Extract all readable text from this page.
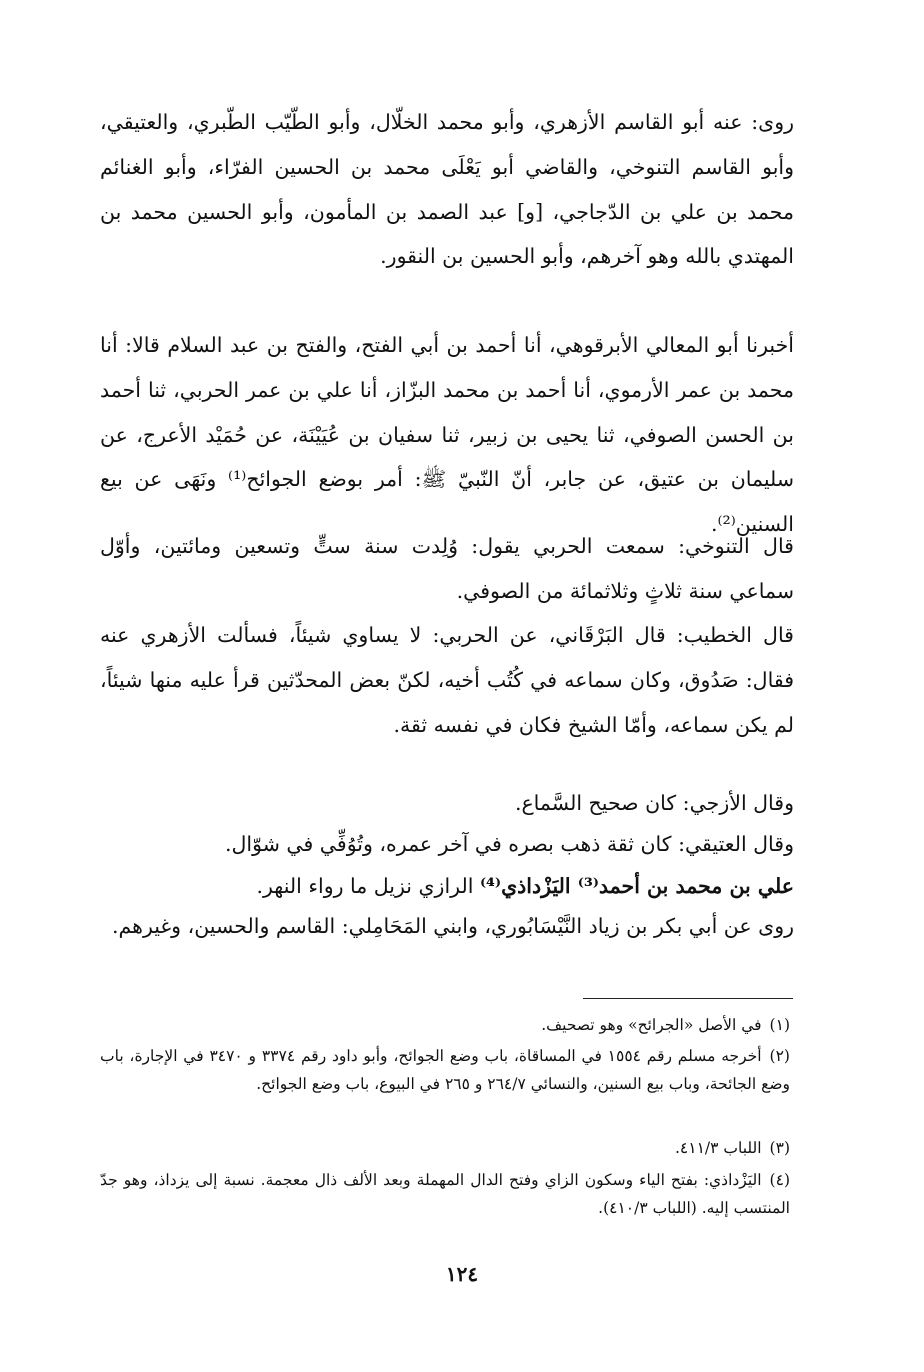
روى: عنه أبو القاسم الأزهري، وأبو محمد الخلّال، وأبو الطّيّب الطّبري، والعتيقي، وأبو القاسم التنوخي، والقاضي أبو يَعْلَى محمد بن الحسين الفرّاء، وأبو الغنائم محمد بن علي بن الدّجاجي، [و] عبد الصمد بن المأمون، وأبو الحسين محمد بن المهتدي بالله وهو آخرهم، وأبو الحسين بن النقور.

أخبرنا أبو المعالي الأبرقوهي، أنا أحمد بن أبي الفتح، والفتح بن عبد السلام قالا: أنا محمد بن عمر الأرموي، أنا أحمد بن محمد البزّاز، أنا علي بن عمر الحربي، ثنا أحمد بن الحسن الصوفي، ثنا يحيى بن زبير، ثنا سفيان بن عُيَيْنَة، عن حُمَيْد الأعرج، عن سليمان بن عتيق، عن جابر، أنّ النّبيّ ﷺ: أمر بوضع الجوائح⁽¹⁾ ونَهَى عن بيع السنين⁽²⁾.

قال التنوخي: سمعت الحربي يقول: وُلِدت سنة ستٍّ وتسعين ومائتين، وأوّل سماعي سنة ثلاثٍ وثلاثمائة من الصوفي.

قال الخطيب: قال البَرْقَاني، عن الحربي: لا يساوي شيئاً، فسألت الأزهري عنه فقال: صَدُوق، وكان سماعه في كُتُب أخيه، لكنّ بعض المحدّثين قرأ عليه منها شيئاً، لم يكن سماعه، وأمّا الشيخ فكان في نفسه ثقة.

وقال الأزجي: كان صحيح السَّماع.

وقال العتيقي: كان ثقة ذهب بصره في آخر عمره، وتُوُفِّي في شوّال.

علي بن محمد بن أحمد⁽³⁾ اليَزْداذي⁽⁴⁾ الرازي نزيل ما رواء النهر.

روى عن أبي بكر بن زياد النَّيْسَابُوري، وابني المَحَامِلي: القاسم والحسين، وغيرهم.

(١)في الأصل «الجرائح» وهو تصحيف.

(٢)أخرجه مسلم رقم ١٥٥٤ في المساقاة، باب وضع الجوائح، وأبو داود رقم ٣٣٧٤ و ٣٤٧٠ في الإجارة، باب وضع الجائحة، وباب بيع السنين، والنسائي ٢٦٤/٧ و ٢٦٥ في البيوع، باب وضع الجوائح.

(٣)اللباب ٤١١/٣.

(٤)اليَزْداذي: بفتح الياء وسكون الزاي وفتح الدال المهملة وبعد الألف ذال معجمة. نسبة إلى يزداذ، وهو جدّ المنتسب إليه. (اللباب ٤١٠/٣).

١٢٤
